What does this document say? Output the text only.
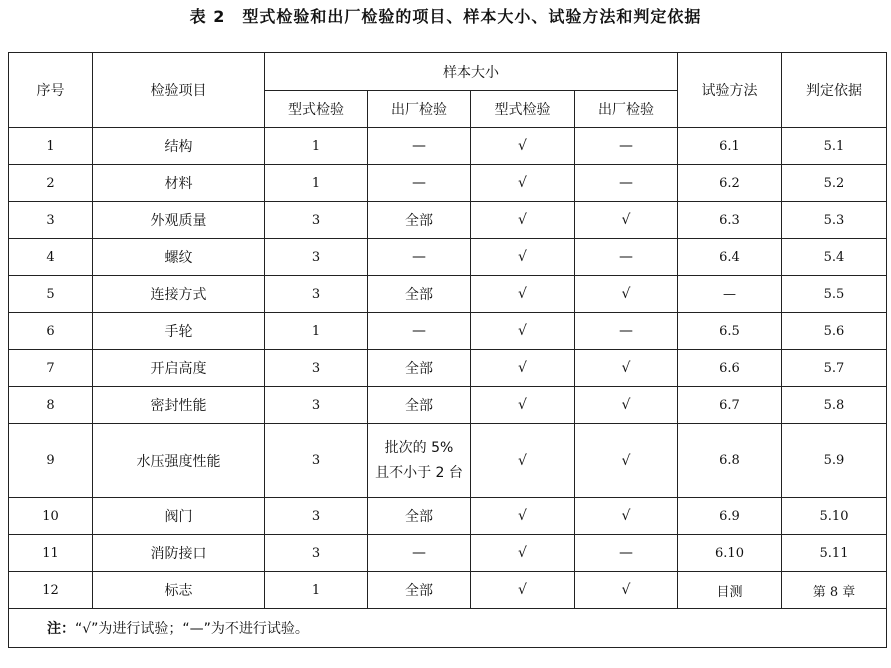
表 2　型式检验和出厂检验的项目、样本大小、试验方法和判定依据
序号	检验项目	样本大小				试验方法	判定依据
		型式检验	出厂检验	型式检验	出厂检验		
1	结构	1	—	√	—	6.1	5.1
2	材料	1	—	√	—	6.2	5.2
3	外观质量	3	全部	√	√	6.3	5.3
4	螺纹	3	—	√	—	6.4	5.4
5	连接方式	3	全部	√	√	—	5.5
6	手轮	1	—	√	—	6.5	5.6
7	开启高度	3	全部	√	√	6.6	5.7
8	密封性能	3	全部	√	√	6.7	5.8
9	水压强度性能	3	批次的 5%
且不小于 2 台	√	√	6.8	5.9
10	阀门	3	全部	√	√	6.9	5.10
11	消防接口	3	—	√	—	6.10	5.11
12	标志	1	全部	√	√	目测	第 8 章
注：“√”为进行试验；“—”为不进行试验。							
